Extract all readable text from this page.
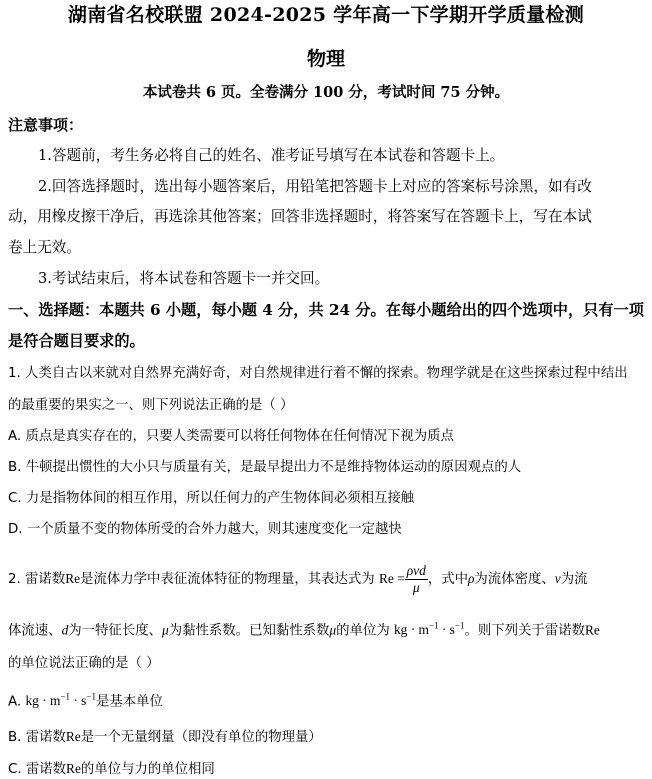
湖南省名校联盟 2024-2025 学年高一下学期开学质量检测
物理
本试卷共 6 页。全卷满分 100 分，考试时间 75 分钟。
注意事项：
1.答题前，考生务必将自己的姓名、准考证号填写在本试卷和答题卡上。
2.回答选择题时，选出每小题答案后，用铅笔把答题卡上对应的答案标号涂黑，如有改
动，用橡皮擦干净后，再选涂其他答案；回答非选择题时，将答案写在答题卡上，写在本试
卷上无效。
3.考试结束后，将本试卷和答题卡一并交回。
一、选择题：本题共 6 小题，每小题 4 分，共 24 分。在每小题给出的四个选项中，只有一项
是符合题目要求的。
1. 人类自古以来就对自然界充满好奇，对自然规律进行着不懈的探索。物理学就是在这些探索过程中结出
的最重要的果实之一、则下列说法正确的是（ ）
A. 质点是真实存在的，只要人类需要可以将任何物体在任何情况下视为质点
B. 牛顿提出惯性的大小只与质量有关，是最早提出力不是维持物体运动的原因观点的人
C. 力是指物体间的相互作用，所以任何力的产生物体间必须相互接触
D. 一个质量不变的物体所受的合外力越大，则其速度变化一定越快
2. 雷诺数Re是流体力学中表征流体特征的物理量，其表达式为 $Re = \frac{\text{ρvd}}{\mu}$ ，式中ρ为流体密度、v为流
体流速、d为一特征长度、μ为黏性系数。已知黏性系数μ的单位为 kg · $m^{-1} \cdot s^{-1}$。则下列关于雷诺数Re
的单位说法正确的是（ ）
A. kg · $m^{-1} \cdot s^{-1}$是基本单位
B. 雷诺数Re是一个无量纲量（即没有单位的物理量）
C. 雷诺数Re的单位与力的单位相同
